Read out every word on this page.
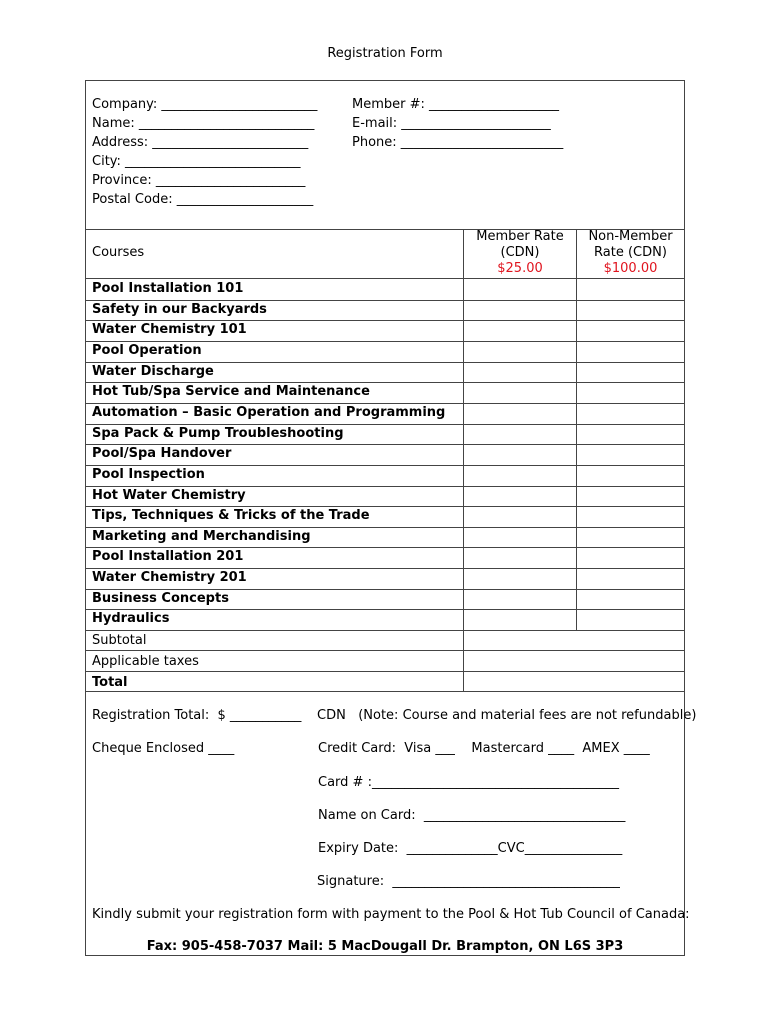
Registration Form
Company: ________________________
Name: ___________________________
Address: ________________________
City: ___________________________
Province: _______________________
Postal Code: _____________________
Member #: ____________________
E-mail: _______________________
Phone: _________________________
Courses
Member Rate
(CDN)
$25.00
Non-Member
Rate (CDN)
$100.00
Pool Installation 101
Safety in our Backyards
Water Chemistry 101
Pool Operation
Water Discharge
Hot Tub/Spa Service and Maintenance
Automation – Basic Operation and Programming
Spa Pack & Pump Troubleshooting
Pool/Spa Handover
Pool Inspection
Hot Water Chemistry
Tips, Techniques & Tricks of the Trade
Marketing and Merchandising
Pool Installation 201
Water Chemistry 201
Business Concepts
Hydraulics
Subtotal
Applicable taxes
Total
Registration Total:  $ ___________ CDN   (Note: Course and material fees are not refundable)
Cheque Enclosed ____	Credit Card:  Visa ___    Mastercard ____  AMEX ____
Card # :______________________________________
Name on Card:  _______________________________
Expiry Date:  ______________CVC_______________
Signature:  ___________________________________
Kindly submit your registration form with payment to the Pool & Hot Tub Council of Canada:
Fax: 905-458-7037 Mail: 5 MacDougall Dr. Brampton, ON L6S 3P3
